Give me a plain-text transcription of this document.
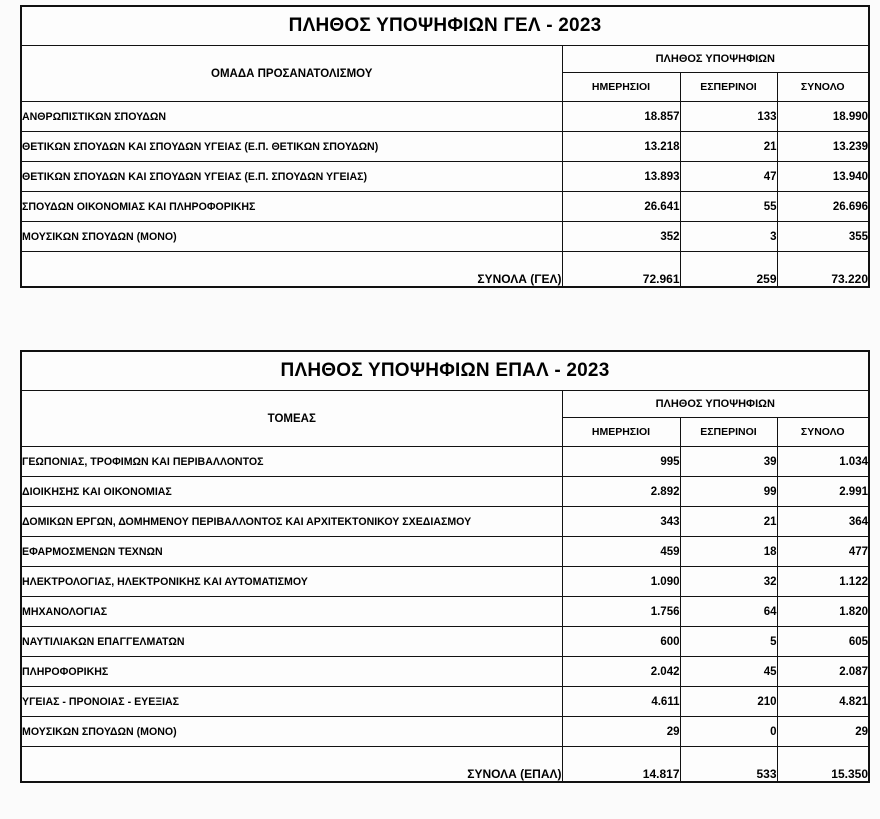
ΠΛΗΘΟΣ ΥΠΟΨΗΦΙΩΝ ΓΕΛ - 2023			
ΟΜΑΔΑ ΠΡΟΣΑΝΑΤΟΛΙΣΜΟΥ	ΠΛΗΘΟΣ ΥΠΟΨΗΦΙΩΝ		
	ΗΜΕΡΗΣΙΟΙ	ΕΣΠΕΡΙΝΟΙ	ΣΥΝΟΛΟ
ΑΝΘΡΩΠΙΣΤΙΚΩΝ ΣΠΟΥΔΩΝ	18.857	133	18.990
ΘΕΤΙΚΩΝ ΣΠΟΥΔΩΝ ΚΑΙ ΣΠΟΥΔΩΝ ΥΓΕΙΑΣ (Ε.Π. ΘΕΤΙΚΩΝ ΣΠΟΥΔΩΝ)	13.218	21	13.239
ΘΕΤΙΚΩΝ ΣΠΟΥΔΩΝ ΚΑΙ ΣΠΟΥΔΩΝ ΥΓΕΙΑΣ (Ε.Π. ΣΠΟΥΔΩΝ ΥΓΕΙΑΣ)	13.893	47	13.940
ΣΠΟΥΔΩΝ ΟΙΚΟΝΟΜΙΑΣ ΚΑΙ ΠΛΗΡΟΦΟΡΙΚΗΣ	26.641	55	26.696
ΜΟΥΣΙΚΩΝ ΣΠΟΥΔΩΝ (ΜΟΝΟ)	352	3	355
ΣΥΝΟΛΑ (ΓΕΛ)	72.961	259	73.220
ΠΛΗΘΟΣ ΥΠΟΨΗΦΙΩΝ ΕΠΑΛ - 2023			
ΤΟΜΕΑΣ	ΠΛΗΘΟΣ ΥΠΟΨΗΦΙΩΝ		
	ΗΜΕΡΗΣΙΟΙ	ΕΣΠΕΡΙΝΟΙ	ΣΥΝΟΛΟ
ΓΕΩΠΟΝΙΑΣ, ΤΡΟΦΙΜΩΝ ΚΑΙ ΠΕΡΙΒΑΛΛΟΝΤΟΣ	995	39	1.034
ΔΙΟΙΚΗΣΗΣ ΚΑΙ ΟΙΚΟΝΟΜΙΑΣ	2.892	99	2.991
ΔΟΜΙΚΩΝ ΕΡΓΩΝ, ΔΟΜΗΜΕΝΟΥ ΠΕΡΙΒΑΛΛΟΝΤΟΣ ΚΑΙ ΑΡΧΙΤΕΚΤΟΝΙΚΟΥ ΣΧΕΔΙΑΣΜΟΥ	343	21	364
ΕΦΑΡΜΟΣΜΕΝΩΝ ΤΕΧΝΩΝ	459	18	477
ΗΛΕΚΤΡΟΛΟΓΙΑΣ, ΗΛΕΚΤΡΟΝΙΚΗΣ ΚΑΙ ΑΥΤΟΜΑΤΙΣΜΟΥ	1.090	32	1.122
ΜΗΧΑΝΟΛΟΓΙΑΣ	1.756	64	1.820
ΝΑΥΤΙΛΙΑΚΩΝ ΕΠΑΓΓΕΛΜΑΤΩΝ	600	5	605
ΠΛΗΡΟΦΟΡΙΚΗΣ	2.042	45	2.087
ΥΓΕΙΑΣ - ΠΡΟΝΟΙΑΣ - ΕΥΕΞΙΑΣ	4.611	210	4.821
ΜΟΥΣΙΚΩΝ ΣΠΟΥΔΩΝ (ΜΟΝΟ)	29	0	29
ΣΥΝΟΛΑ (ΕΠΑΛ)	14.817	533	15.350
